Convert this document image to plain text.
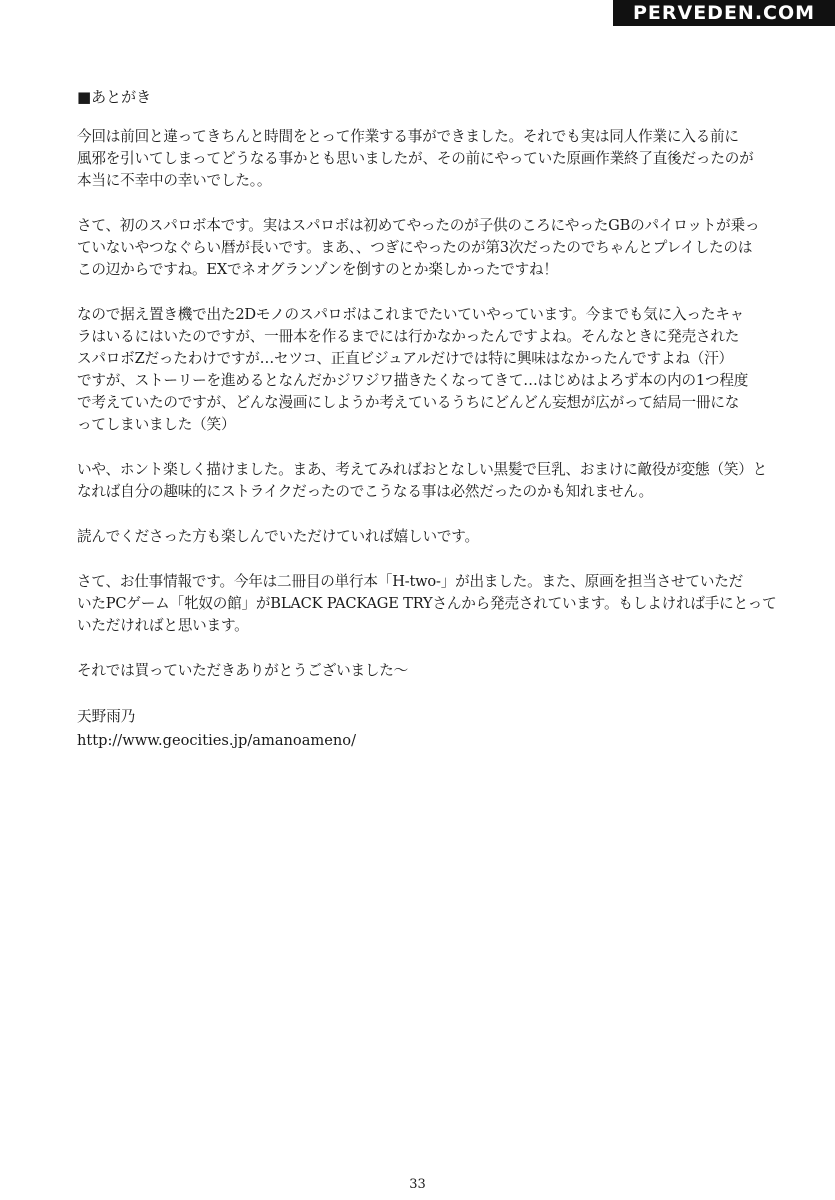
PERVEDEN.COM
■あとがき
今回は前回と違ってきちんと時間をとって作業する事ができました。それでも実は同人作業に入る前に
風邪を引いてしまってどうなる事かとも思いましたが、その前にやっていた原画作業終了直後だったのが
本当に不幸中の幸いでした。。
さて、初のスパロボ本です。実はスパロボは初めてやったのが子供のころにやったGBのパイロットが乗っ
ていないやつなぐらい暦が長いです。まあ、、つぎにやったのが第3次だったのでちゃんとプレイしたのは
この辺からですね。EXでネオグランゾンを倒すのとか楽しかったですね！
なので据え置き機で出た2Dモノのスパロボはこれまでたいていやっています。今までも気に入ったキャ
ラはいるにはいたのですが、一冊本を作るまでには行かなかったんですよね。そんなときに発売された
スパロボZだったわけですが…セツコ、正直ビジュアルだけでは特に興味はなかったんですよね（汗）
ですが、ストーリーを進めるとなんだかジワジワ描きたくなってきて…はじめはよろず本の内の1つ程度
で考えていたのですが、どんな漫画にしようか考えているうちにどんどん妄想が広がって結局一冊にな
ってしまいました（笑）
いや、ホント楽しく描けました。まあ、考えてみればおとなしい黒髪で巨乳、おまけに敵役が変態（笑）と
なれば自分の趣味的にストライクだったのでこうなる事は必然だったのかも知れません。
読んでくださった方も楽しんでいただけていれば嬉しいです。
さて、お仕事情報です。今年は二冊目の単行本「H-two-」が出ました。また、原画を担当させていただ
いたPCゲーム「牝奴の館」がBLACK PACKAGE TRYさんから発売されています。もしよければ手にとって
いただければと思います。
それでは買っていただきありがとうございました～
天野雨乃
http://www.geocities.jp/amanoameno/
33
